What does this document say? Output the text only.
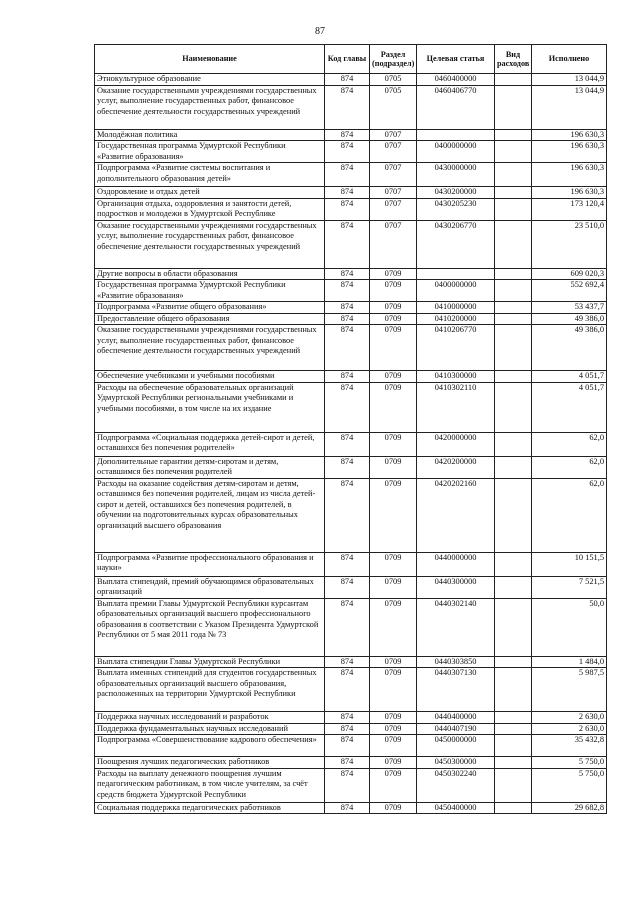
87
Наименование	Код главы	Раздел (подраздел)	Целевая статья	Вид расходов	Исполнено
Этнокультурное образование	874	0705	0460400000		13 044,9
Оказание государственными учреждениями государственных услуг, выполнение государственных работ, финансовое обеспечение деятельности государственных учреждений	874	0705	0460406770		13 044,9
Молодёжная политика	874	0707			196 630,3
Государственная программа Удмуртской Республики «Развитие образования»	874	0707	0400000000		196 630,3
Подпрограмма «Развитие системы воспитания и дополнительного образования детей»	874	0707	0430000000		196 630,3
Оздоровление и отдых детей	874	0707	0430200000		196 630,3
Организация отдыха, оздоровления и занятости детей, подростков и молодежи в Удмуртской Республике	874	0707	0430205230		173 120,4
Оказание государственными учреждениями государственных услуг, выполнение государственных работ, финансовое обеспечение деятельности государственных учреждений	874	0707	0430206770		23 510,0
Другие вопросы в области образования	874	0709			609 020,3
Государственная программа Удмуртской Республики «Развитие образования»	874	0709	0400000000		552 692,4
Подпрограмма «Развитие общего образования»	874	0709	0410000000		53 437,7
Предоставление общего образования	874	0709	0410200000		49 386,0
Оказание государственными учреждениями государственных услуг, выполнение государственных работ, финансовое обеспечение деятельности государственных учреждений	874	0709	0410206770		49 386,0
Обеспечение учебниками и учебными пособиями	874	0709	0410300000		4 051,7
Расходы на обеспечение образовательных организаций Удмуртской Республики региональными учебниками и учебными пособиями, в том числе на их издание	874	0709	0410302110		4 051,7
Подпрограмма «Социальная поддержка детей-сирот и детей, оставшихся без попечения родителей»	874	0709	0420000000		62,0
Дополнительные гарантии детям-сиротам и детям, оставшимся без попечения родителей	874	0709	0420200000		62,0
Расходы на оказание содействия детям-сиротам и детям, оставшимся без попечения родителей, лицам из числа детей-сирот и детей, оставшихся без попечения родителей, в обучении на подготовительных курсах образовательных организаций высшего образования	874	0709	0420202160		62,0
Подпрограмма «Развитие профессионального образования и науки»	874	0709	0440000000		10 151,5
Выплата стипендий, премий обучающимся образовательных организаций	874	0709	0440300000		7 521,5
Выплата премии Главы Удмуртской Республики курсантам образовательных организаций высшего профессионального образования в соответствии с Указом Президента Удмуртской Республики от 5 мая 2011 года № 73	874	0709	0440302140		50,0
Выплата стипендии Главы Удмуртской Республики	874	0709	0440303850		1 484,0
Выплата именных стипендий для студентов государственных образовательных организаций высшего образования, расположенных на территории Удмуртской Республики	874	0709	0440307130		5 987,5
Поддержка научных исследований и разработок	874	0709	0440400000		2 630,0
Поддержка фундаментальных научных исследований	874	0709	0440407190		2 630,0
Подпрограмма «Совершенствование кадрового обеспечения»	874	0709	0450000000		35 432,8
Поощрения лучших педагогических работников	874	0709	0450300000		5 750,0
Расходы на выплату денежного поощрения лучшим педагогическим работникам, в том числе учителям, за счёт средств бюджета Удмуртской Республики	874	0709	0450302240		5 750,0
Социальная поддержка педагогических работников	874	0709	0450400000		29 682,8
